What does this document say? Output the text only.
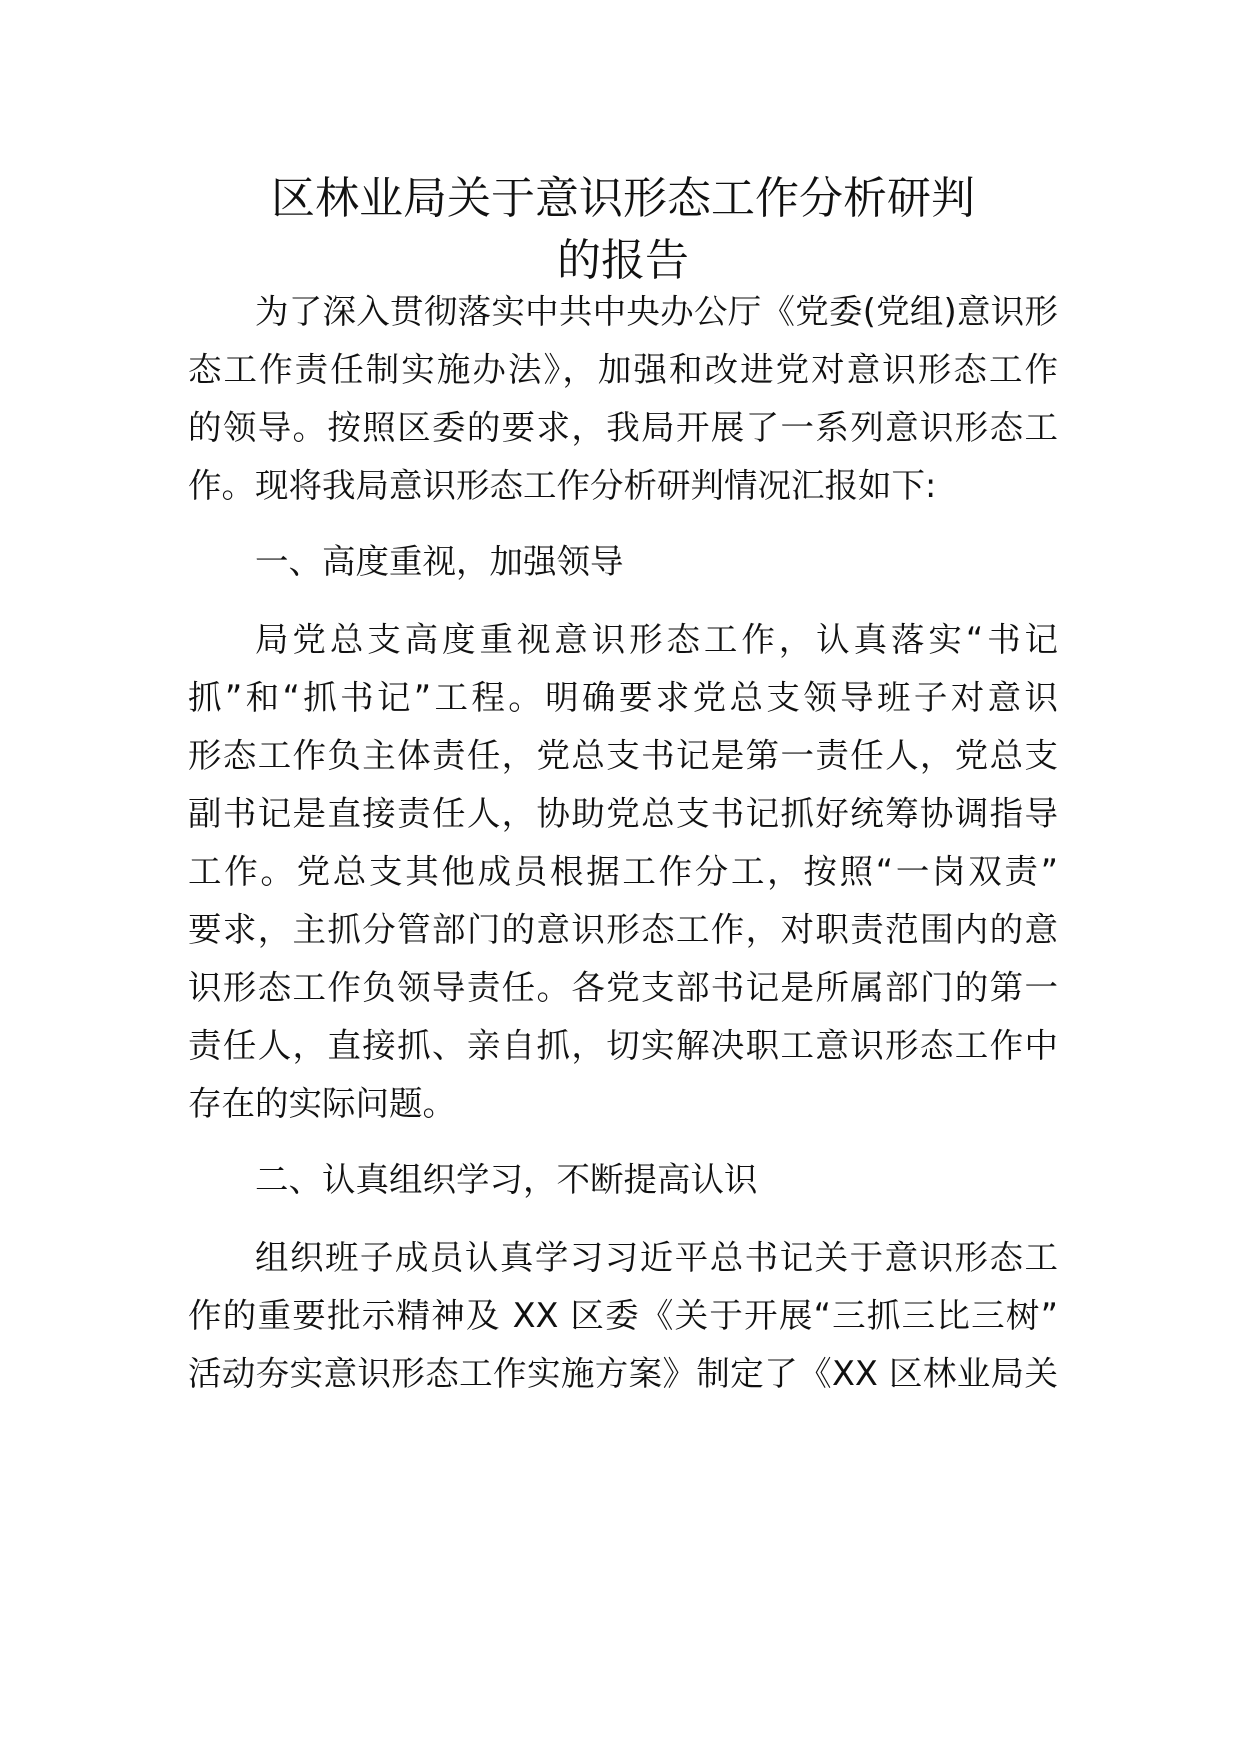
区林业局关于意识形态工作分析研判
的报告
为了深入贯彻落实中共中央办公厅《党委(党组)意识形
态工作责任制实施办法》，加强和改进党对意识形态工作
的领导。按照区委的要求，我局开展了一系列意识形态工
作。现将我局意识形态工作分析研判情况汇报如下:
一、高度重视，加强领导
局党总支高度重视意识形态工作，认真落实“书记
抓”和“抓书记”工程。明确要求党总支领导班子对意识
形态工作负主体责任，党总支书记是第一责任人，党总支
副书记是直接责任人，协助党总支书记抓好统筹协调指导
工作。党总支其他成员根据工作分工，按照“一岗双责”
要求，主抓分管部门的意识形态工作，对职责范围内的意
识形态工作负领导责任。各党支部书记是所属部门的第一
责任人，直接抓、亲自抓，切实解决职工意识形态工作中
存在的实际问题。
二、认真组织学习，不断提高认识
组织班子成员认真学习习近平总书记关于意识形态工
作的重要批示精神及 XX 区委《关于开展“三抓三比三树”
活动夯实意识形态工作实施方案》制定了《XX 区林业局关
